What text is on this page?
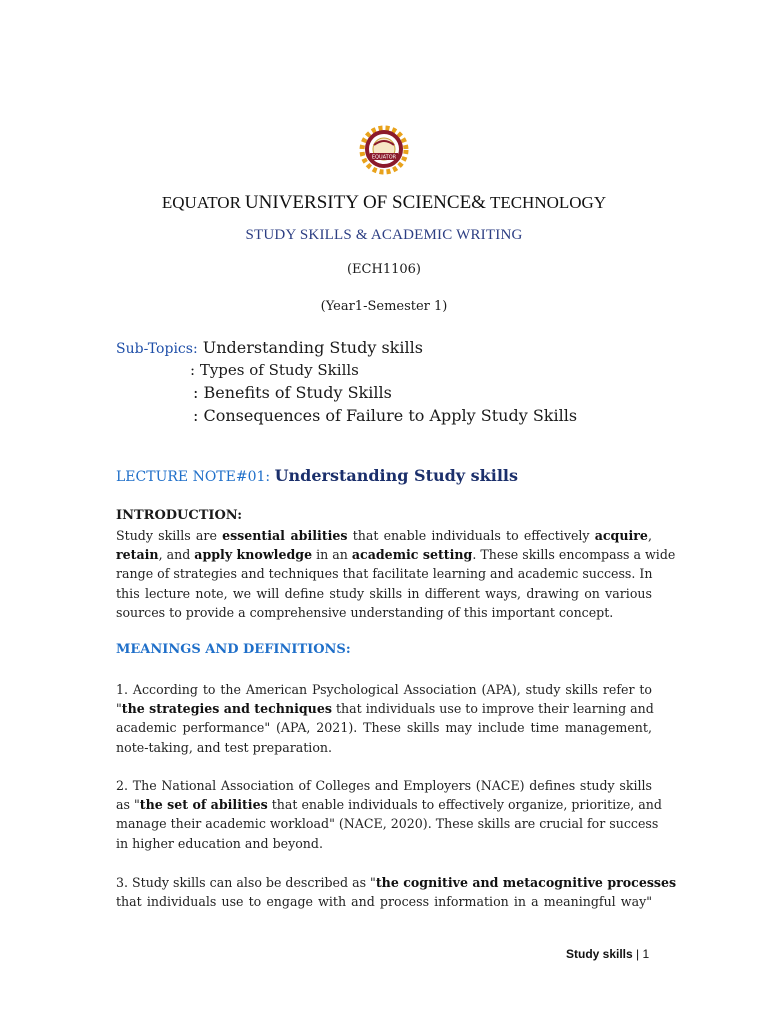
EQUATOR
EQUATOR UNIVERSITY OF SCIENCE& TECHNOLOGY
STUDY SKILLS & ACADEMIC WRITING
(ECH1106)
(Year1-Semester 1)
Sub-Topics: Understanding Study skills
: Types of Study Skills
: Benefits of Study Skills
: Consequences of Failure to Apply Study Skills
LECTURE NOTE#01: Understanding Study skills
INTRODUCTION:
Study skills are essential abilities that enable individuals to effectively acquire,
retain, and apply knowledge in an academic setting. These skills encompass a wide
range of strategies and techniques that facilitate learning and academic success. In
this lecture note, we will define study skills in different ways, drawing on various
sources to provide a comprehensive understanding of this important concept.
MEANINGS AND DEFINITIONS:
1. According to the American Psychological Association (APA), study skills refer to
"the strategies and techniques that individuals use to improve their learning and
academic performance" (APA, 2021). These skills may include time management,
note-taking, and test preparation.
2. The National Association of Colleges and Employers (NACE) defines study skills
as "the set of abilities that enable individuals to effectively organize, prioritize, and
manage their academic workload" (NACE, 2020). These skills are crucial for success
in higher education and beyond.
3. Study skills can also be described as "the cognitive and metacognitive processes
that individuals use to engage with and process information in a meaningful way"
Study skills | 1
